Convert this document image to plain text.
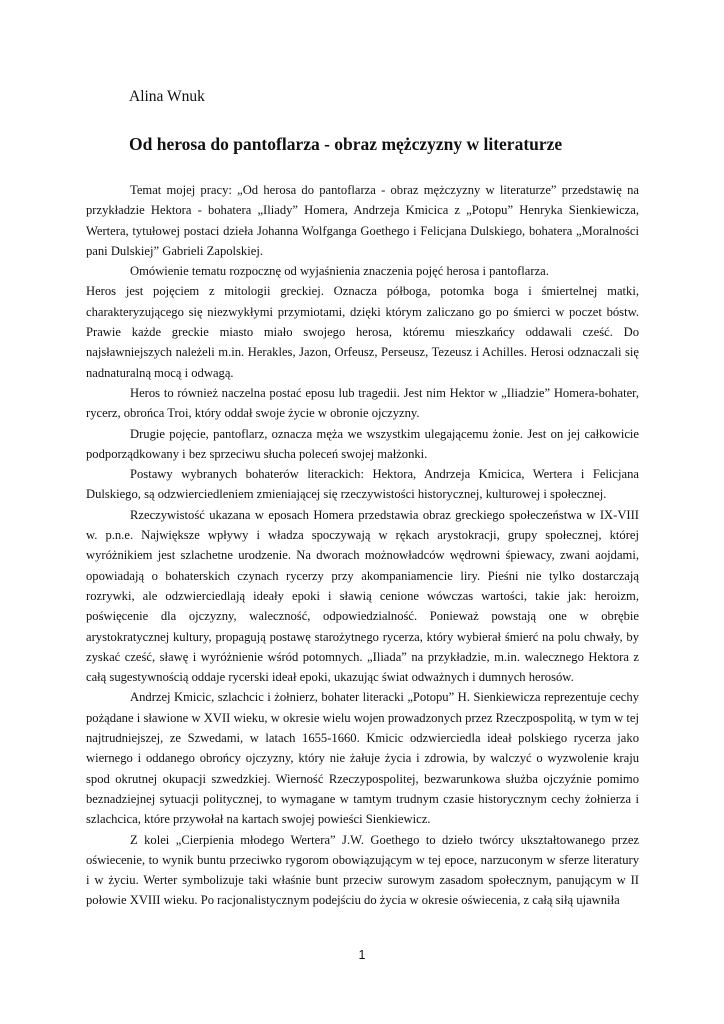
Alina Wnuk
Od herosa do pantoflarza - obraz mężczyzny w literaturze

Temat mojej pracy: „Od herosa do pantoflarza - obraz mężczyzny w literaturze” przedstawię na przykładzie Hektora - bohatera „Iliady” Homera, Andrzeja Kmicica z „Potopu” Henryka Sienkiewicza, Wertera, tytułowej postaci dzieła Johanna Wolfganga Goethego i Felicjana Dulskiego, bohatera „Moralności pani Dulskiej” Gabrieli Zapolskiej.

Omówienie tematu rozpocznę od wyjaśnienia znaczenia pojęć herosa i pantoflarza.

Heros jest pojęciem z mitologii greckiej. Oznacza półboga, potomka boga i śmiertelnej matki, charakteryzującego się niezwykłymi przymiotami, dzięki którym zaliczano go po śmierci w poczet bóstw. Prawie każde greckie miasto miało swojego herosa, któremu mieszkańcy oddawali cześć. Do najsławniejszych należeli m.in. Herakles, Jazon, Orfeusz, Perseusz, Tezeusz i Achilles. Herosi odznaczali się nadnaturalną mocą i odwagą.

Heros to również naczelna postać eposu lub tragedii. Jest nim Hektor w „Iliadzie” Homera-bohater, rycerz, obrońca Troi, który oddał swoje życie w obronie ojczyzny.

Drugie pojęcie, pantoflarz, oznacza męża we wszystkim ulegającemu żonie. Jest on jej całkowicie podporządkowany i bez sprzeciwu słucha poleceń swojej małżonki.

Postawy wybranych bohaterów literackich: Hektora, Andrzeja Kmicica, Wertera i Felicjana Dulskiego, są odzwierciedleniem zmieniającej się rzeczywistości historycznej, kulturowej i społecznej.

Rzeczywistość ukazana w eposach Homera przedstawia obraz greckiego społeczeństwa w IX-VIII w. p.n.e. Największe wpływy i władza spoczywają w rękach arystokracji, grupy społecznej, której wyróżnikiem jest szlachetne urodzenie. Na dworach możnowładców wędrowni śpiewacy, zwani aojdami, opowiadają o bohaterskich czynach rycerzy przy akompaniamencie liry. Pieśni nie tylko dostarczają rozrywki, ale odzwierciedlają ideały epoki i sławią cenione wówczas wartości, takie jak: heroizm, poświęcenie dla ojczyzny, waleczność, odpowiedzialność. Ponieważ powstają one w obrębie arystokratycznej kultury, propagują postawę starożytnego rycerza, który wybierał śmierć na polu chwały, by zyskać cześć, sławę i wyróżnienie wśród potomnych. „Iliada” na przykładzie, m.in. walecznego Hektora z całą sugestywnością oddaje rycerski ideał epoki, ukazując świat odważnych i dumnych herosów.

Andrzej Kmicic, szlachcic i żołnierz, bohater literacki „Potopu” H. Sienkiewicza reprezentuje cechy pożądane i sławione w XVII wieku, w okresie wielu wojen prowadzonych przez Rzeczpospolitą, w tym w tej najtrudniejszej, ze Szwedami, w latach 1655-1660. Kmicic odzwierciedla ideał polskiego rycerza jako wiernego i oddanego obrońcy ojczyzny, który nie żałuje życia i zdrowia, by walczyć o wyzwolenie kraju spod okrutnej okupacji szwedzkiej. Wierność Rzeczypospolitej, bezwarunkowa służba ojczyźnie pomimo beznadziejnej sytuacji politycznej, to wymagane w tamtym trudnym czasie historycznym cechy żołnierza i szlachcica, które przywołał na kartach swojej powieści Sienkiewicz.

Z kolei „Cierpienia młodego Wertera” J.W. Goethego to dzieło twórcy ukształtowanego przez oświecenie, to wynik buntu przeciwko rygorom obowiązującym w tej epoce, narzuconym w sferze literatury i w życiu. Werter symbolizuje taki właśnie bunt przeciw surowym zasadom społecznym, panującym w II połowie XVIII wieku. Po racjonalistycznym podejściu do życia w okresie oświecenia, z całą siłą ujawniła

1
